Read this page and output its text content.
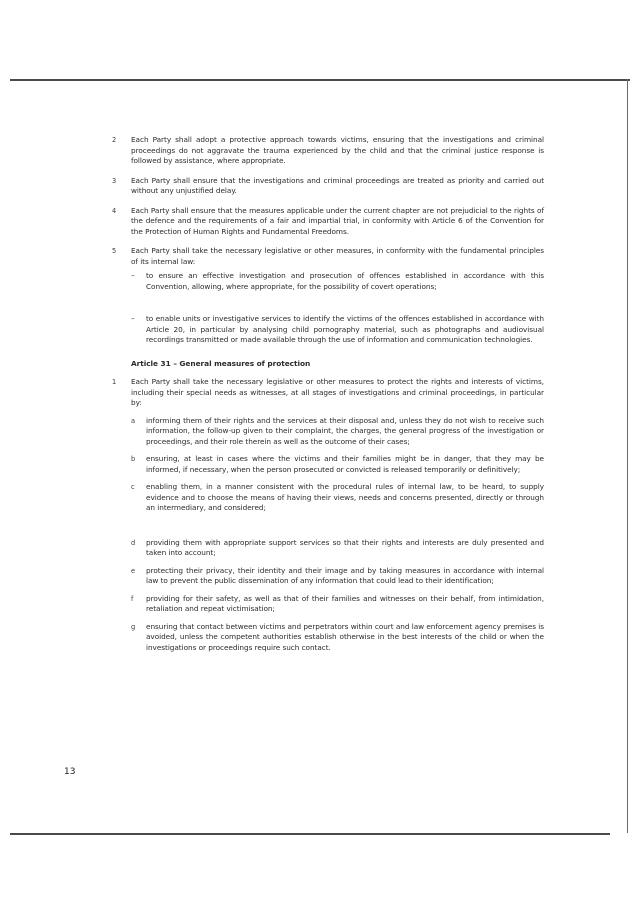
2	Each Party shall adopt a protective approach towards victims, ensuring that the investigations and criminal proceedings do not aggravate the trauma experienced by the child and that the criminal justice response is followed by assistance, where appropriate.
3	Each Party shall ensure that the investigations and criminal proceedings are treated as priority and carried out without any unjustified delay.
4	Each Party shall ensure that the measures applicable under the current chapter are not prejudicial to the rights of the defence and the requirements of a fair and impartial trial, in conformity with Article 6 of the Convention for the Protection of Human Rights and Fundamental Freedoms.
5	Each Party shall take the necessary legislative or other measures, in conformity with the fundamental principles of its internal law:
– to ensure an effective investigation and prosecution of offences established in accordance with this Convention, allowing, where appropriate, for the possibility of covert operations;
– to enable units or investigative services to identify the victims of the offences established in accordance with Article 20, in particular by analysing child pornography material, such as photographs and audiovisual recordings transmitted or made available through the use of information and communication technologies.
Article 31 – General measures of protection
1	Each Party shall take the necessary legislative or other measures to protect the rights and interests of victims, including their special needs as witnesses, at all stages of investigations and criminal proceedings, in particular by:
a informing them of their rights and the services at their disposal and, unless they do not wish to receive such information, the follow-up given to their complaint, the charges, the general progress of the investigation or proceedings, and their role therein as well as the outcome of their cases;
b ensuring, at least in cases where the victims and their families might be in danger, that they may be informed, if necessary, when the person prosecuted or convicted is released temporarily or definitively;
c enabling them, in a manner consistent with the procedural rules of internal law, to be heard, to supply evidence and to choose the means of having their views, needs and concerns presented, directly or through an intermediary, and considered;
d providing them with appropriate support services so that their rights and interests are duly presented and taken into account;
e protecting their privacy, their identity and their image and by taking measures in accordance with internal law to prevent the public dissemination of any information that could lead to their identification;
f providing for their safety, as well as that of their families and witnesses on their behalf, from intimidation, retaliation and repeat victimisation;
g ensuring that contact between victims and perpetrators within court and law enforcement agency premises is avoided, unless the competent authorities establish otherwise in the best interests of the child or when the investigations or proceedings require such contact.
13
